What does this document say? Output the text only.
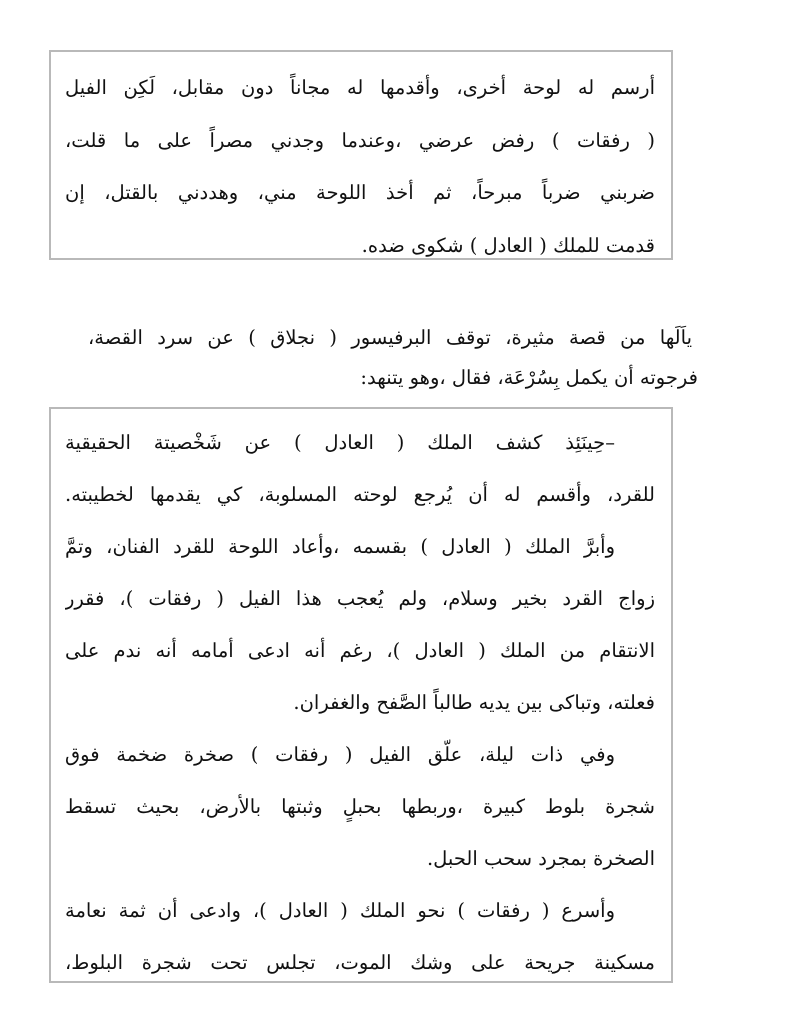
أرسم له لوحة أخرى، وأقدمها له مجاناً دون مقابل، لَكِن الفيل
( رفقات ) رفض عرضي ،وعندما وجدني مصراً على ما قلت،
ضربني ضرباً مبرحاً، ثم أخذ اللوحة مني، وهددني بالقتل، إن
قدمت للملك ( العادل ) شكوى ضده.
ياَلَها من قصة مثيرة، توقف البرفيسور ( نجلاق ) عن سرد القصة،
فرجوته أن يكمل بِسُرْعَة، فقال ،وهو يتنهد:
–حِينَئِذ كشف الملك ( العادل ) عن شَخْصيتة الحقيقية
للقرد، وأقسم له أن يُرجع لوحته المسلوبة، كي يقدمها لخطيبته.
وأبرَّ الملك ( العادل ) بقسمه ،وأعاد اللوحة للقرد الفنان، وتمَّ
زواج القرد بخير وسلام، ولم يُعجب هذا الفيل ( رفقات )، فقرر
الانتقام من الملك ( العادل )، رغم أنه ادعى أمامه أنه ندم على
فعلته، وتباكى بين يديه طالباً الصَّفح والغفران.
وفي ذات ليلة، علّق الفيل ( رفقات ) صخرة ضخمة فوق
شجرة بلوط كبيرة ،وربطها بحبلٍ وثبتها بالأرض، بحيث تسقط
الصخرة بمجرد سحب الحبل.
وأسرع ( رفقات ) نحو الملك ( العادل )، وادعى أن ثمة نعامة
مسكينة جريحة على وشك الموت، تجلس تحت شجرة البلوط،
